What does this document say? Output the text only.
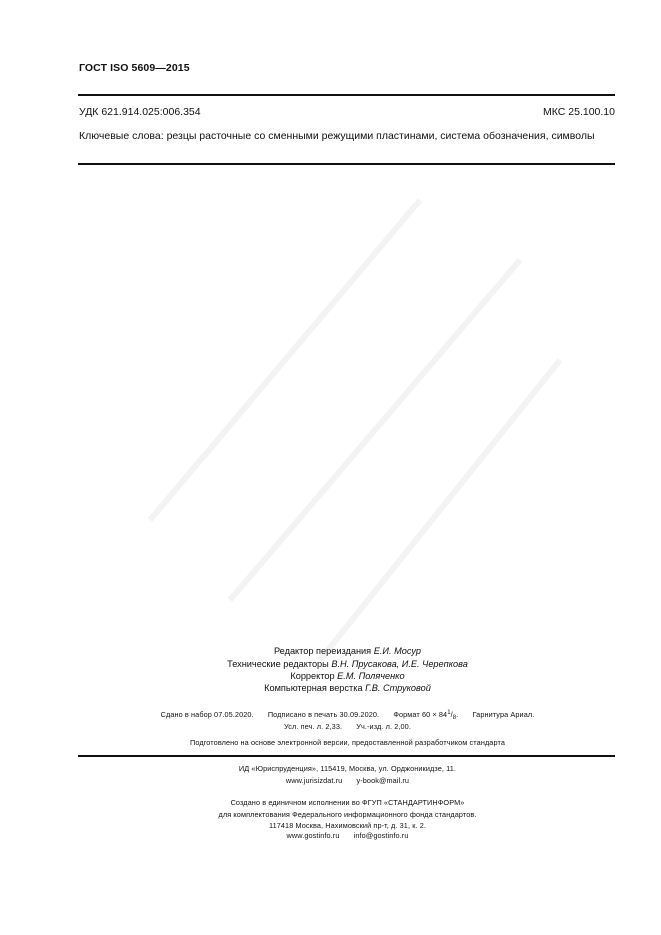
ГОСТ ISO 5609—2015
УДК 621.914.025:006.354	МКС 25.100.10
Ключевые слова: резцы расточные со сменными режущими пластинами, система обозначения, символы
Редактор переиздания Е.И. Мосур
Технические редакторы В.Н. Прусакова, И.Е. Черепкова
Корректор Е.М. Поляченко
Компьютерная верстка Г.В. Струковой
Сдано в набор 07.05.2020. Подписано в печать 30.09.2020. Формат $60 \times 84^1/_8$. Гарнитура Ариал.
Усл. печ. л. 2,33. Уч.-изд. л. 2,00.
Подготовлено на основе электронной версии, предоставленной разработчиком стандарта
ИД «Юриспруденция», 115419, Москва, ул. Орджоникидзе, 11.
www.jurisizdat.ru y-book@mail.ru
Создано в единичном исполнении во ФГУП «СТАНДАРТИНФОРМ»
для комплектования Федерального информационного фонда стандартов.
117418 Москва, Нахимовский пр-т, д. 31, к. 2.
www.gostinfo.ru info@gostinfo.ru
